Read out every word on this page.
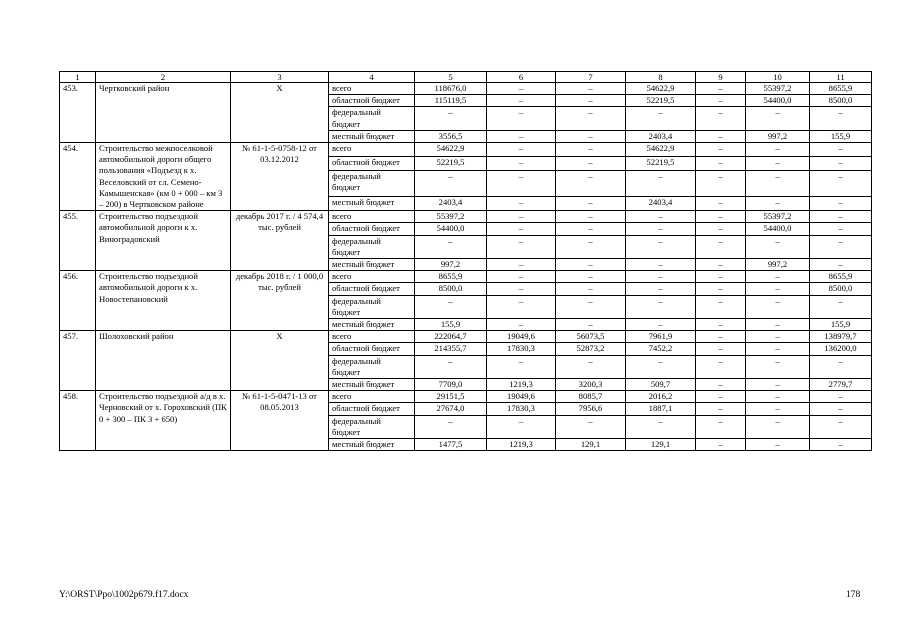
1	2	3	4	5	6	7	8	9	10	11
453.	Чертковский район	Х	всего	118676,0	–	–	54622,9	–	55397,2	8655,9
			областной бюджет	115119,5	–	–	52219,5	–	54400,0	8500,0
			федеральный бюджет	–	–	–	–	–	–	–
			местный бюджет	3556,5	–	–	2403,4	–	997,2	155,9
454.	Строительство межпоселковой автомобильной дороги общего пользования «Подъезд к х. Веселовский от сл. Семено-Камышенская» (км 0 + 000 – км 3 – 200) в Чертковском районе	№ 61-1-5-0758-12 от 03.12.2012	всего	54622,9	–	–	54622,9	–	–	–
			областной бюджет	52219,5	–	–	52219,5	–	–	–
			федеральный бюджет	–	–	–	–	–	–	–
			местный бюджет	2403,4	–	–	2403,4	–	–	–
455.	Строительство подъездной автомобильной дороги к х. Виноградовский	декабрь 2017 г. / 4 574,4 тыс. рублей	всего	55397,2	–	–	–	–	55397,2	–
			областной бюджет	54400,0	–	–	–	–	54400,0	–
			федеральный бюджет	–	–	–	–	–	–	–
			местный бюджет	997,2	–	–	–	–	997,2	–
456.	Строительство подъездной автомобильной дороги к х. Новостепановский	декабрь 2018 г. / 1 000,0 тыс. рублей	всего	8655,9	–	–	–	–	–	8655,9
			областной бюджет	8500,0	–	–	–	–	–	8500,0
			федеральный бюджет	–	–	–	–	–	–	–
			местный бюджет	155,9	–	–	–	–	–	155,9
457.	Шолоховский район	Х	всего	222064,7	19049,6	56073,5	7961,9	–	–	138979,7
			областной бюджет	214355,7	17830,3	52873,2	7452,2	–	–	136200,0
			федеральный бюджет	–	–	–	–	–	–	–
			местный бюджет	7709,0	1219,3	3200,3	509,7	–	–	2779,7
458.	Строительство подъездной а/д в х. Черновский от х. Гороховский (ПК 0 + 300 – ПК 3 + 650)	№ 61-1-5-0471-13 от 08.05.2013	всего	29151,5	19049,6	8085,7	2016,2	–	–	–
			областной бюджет	27674,0	17830,3	7956,6	1887,1	–	–	–
			федеральный бюджет	–	–	–	–	–	–	–
			местный бюджет	1477,5	1219,3	129,1	129,1	–	–	–
Y:\ORST\Ppo\1002p679.f17.docx	178
